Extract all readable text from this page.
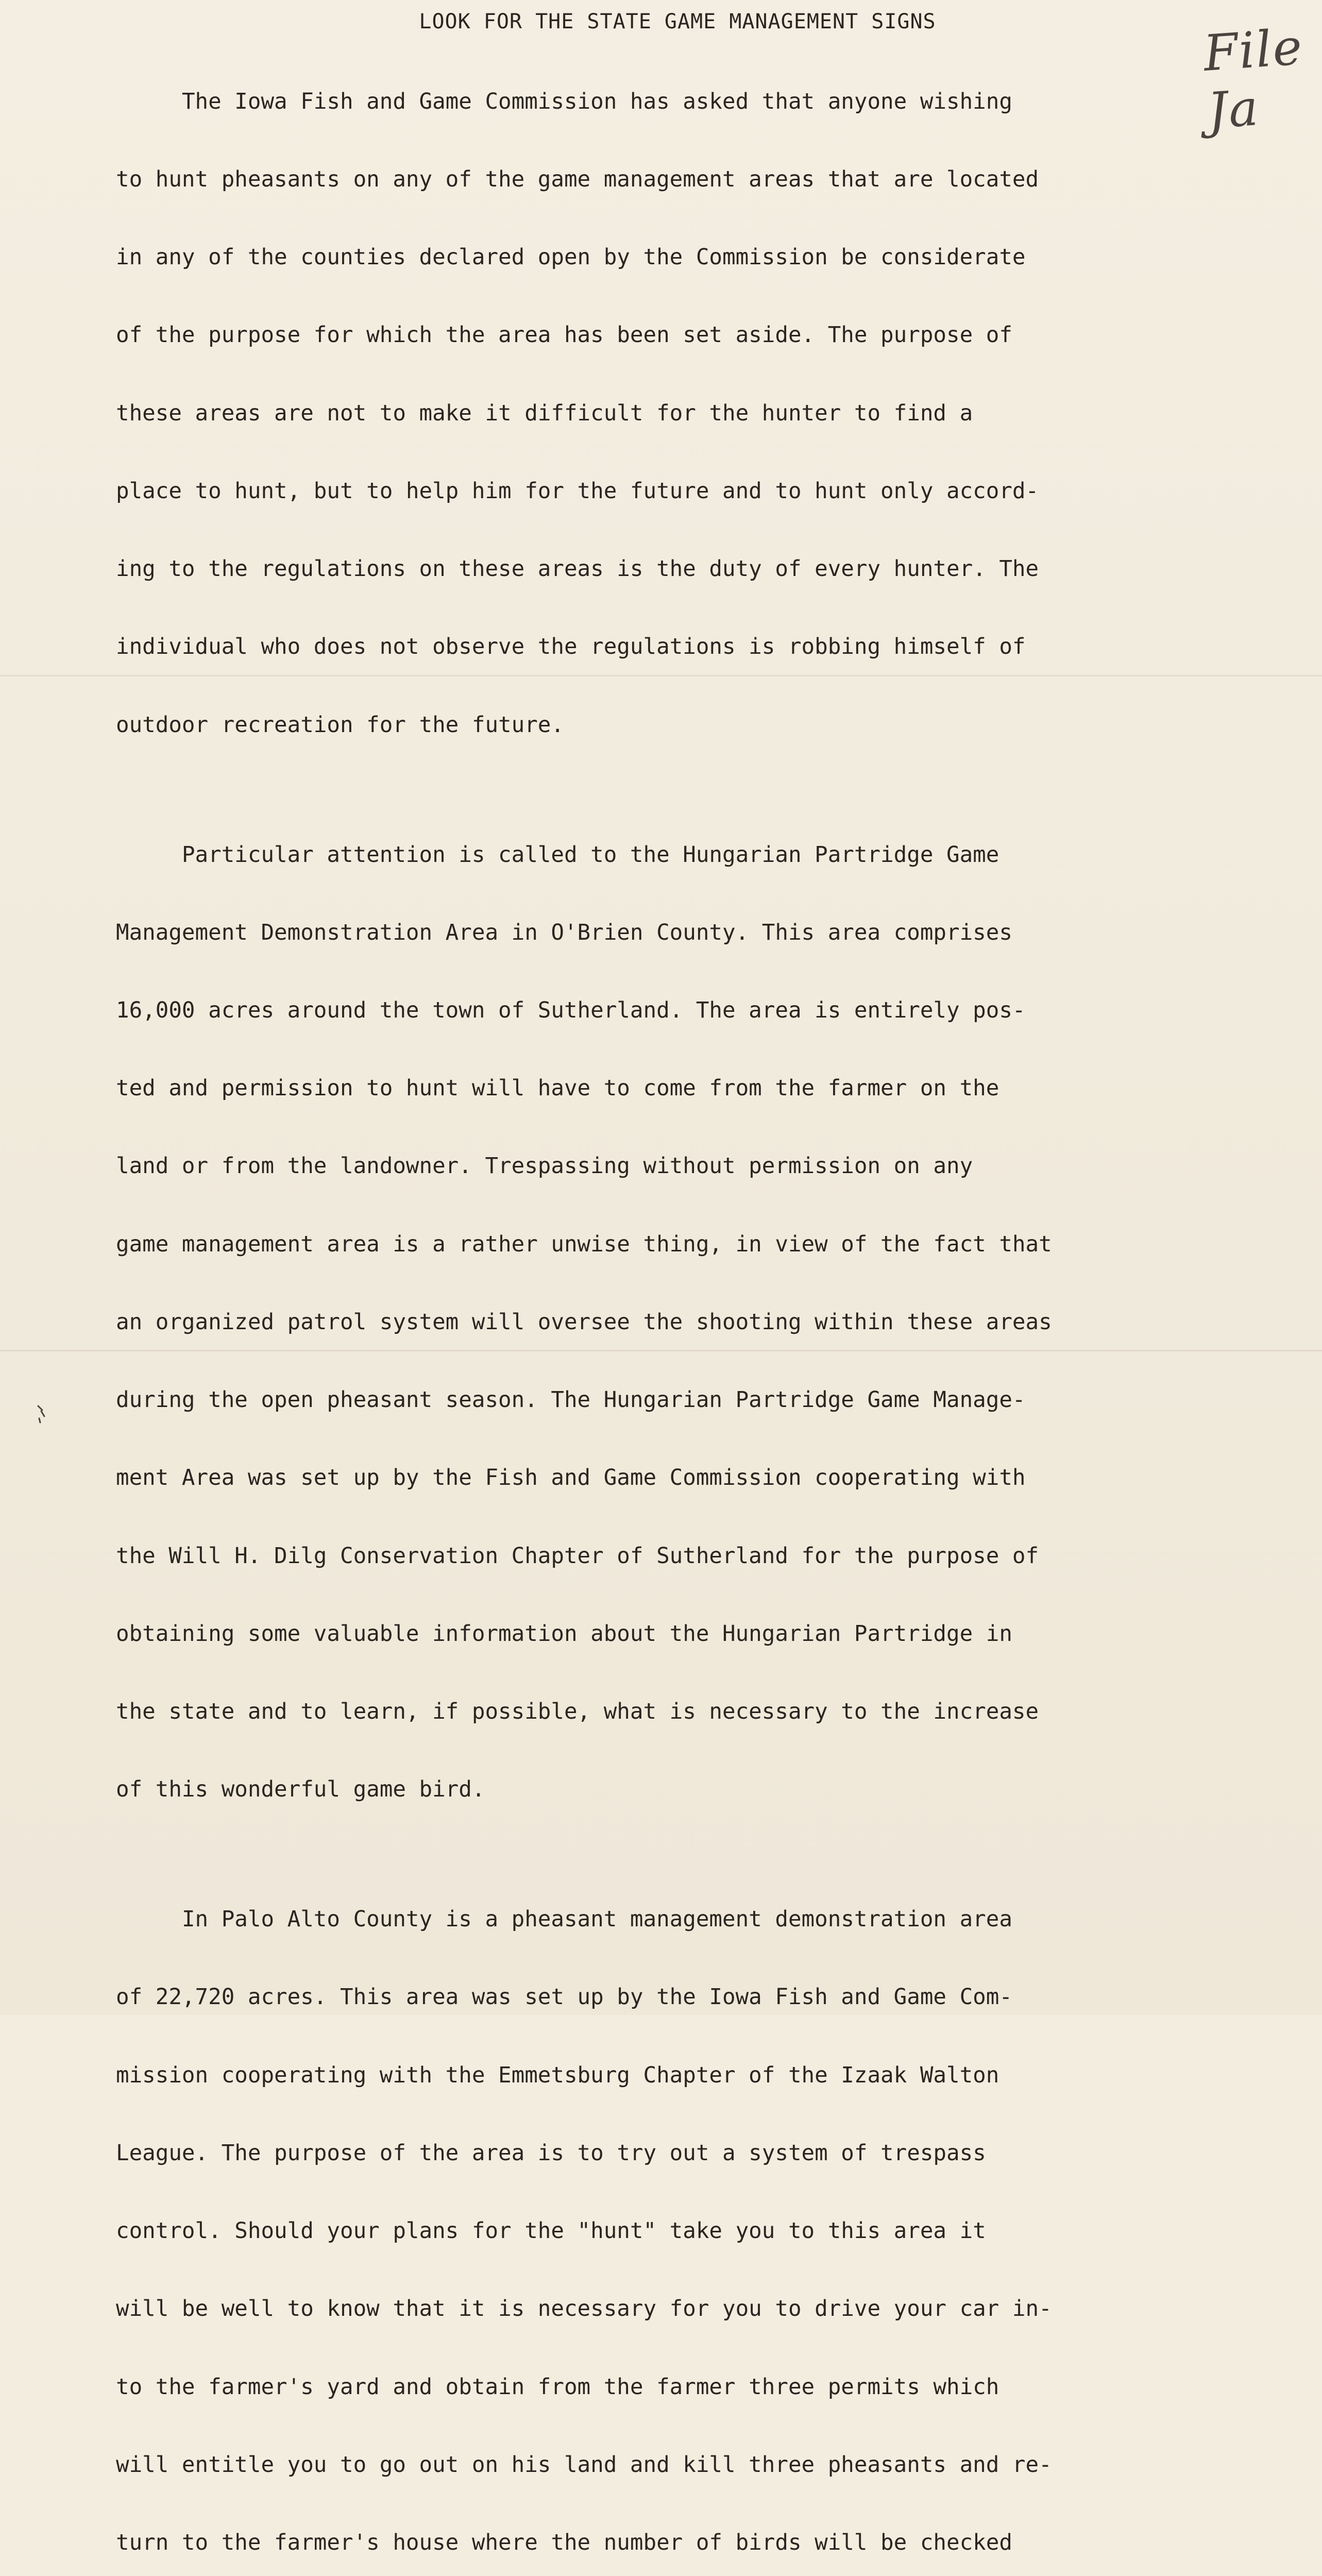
File Ja
LOOK FOR THE STATE GAME MANAGEMENT SIGNS

The Iowa Fish and Game Commission has asked that anyone wishing

to hunt pheasants on any of the game management areas that are located

in any of the counties declared open by the Commission be considerate

of the purpose for which the area has been set aside. The purpose of

these areas are not to make it difficult for the hunter to find a

place to hunt, but to help him for the future and to hunt only accord-

ing to the regulations on these areas is the duty of every hunter. The

individual who does not observe the regulations is robbing himself of

outdoor recreation for the future.

Particular attention is called to the Hungarian Partridge Game

Management Demonstration Area in O'Brien County. This area comprises

16,000 acres around the town of Sutherland. The area is entirely pos-

ted and permission to hunt will have to come from the farmer on the

land or from the landowner. Trespassing without permission on any

game management area is a rather unwise thing, in view of the fact that

an organized patrol system will oversee the shooting within these areas

during the open pheasant season. The Hungarian Partridge Game Manage-

ment Area was set up by the Fish and Game Commission cooperating with

the Will H. Dilg Conservation Chapter of Sutherland for the purpose of

obtaining some valuable information about the Hungarian Partridge in

the state and to learn, if possible, what is necessary to the increase

of this wonderful game bird.

In Palo Alto County is a pheasant management demonstration area

of 22,720 acres. This area was set up by the Iowa Fish and Game Com-

mission cooperating with the Emmetsburg Chapter of the Izaak Walton

League. The purpose of the area is to try out a system of trespass

control. Should your plans for the "hunt" take you to this area it

will be well to know that it is necessary for you to drive your car in-

to the farmer's yard and obtain from the farmer three permits which

will entitle you to go out on his land and kill three pheasants and re-

turn to the farmer's house where the number of birds will be checked
